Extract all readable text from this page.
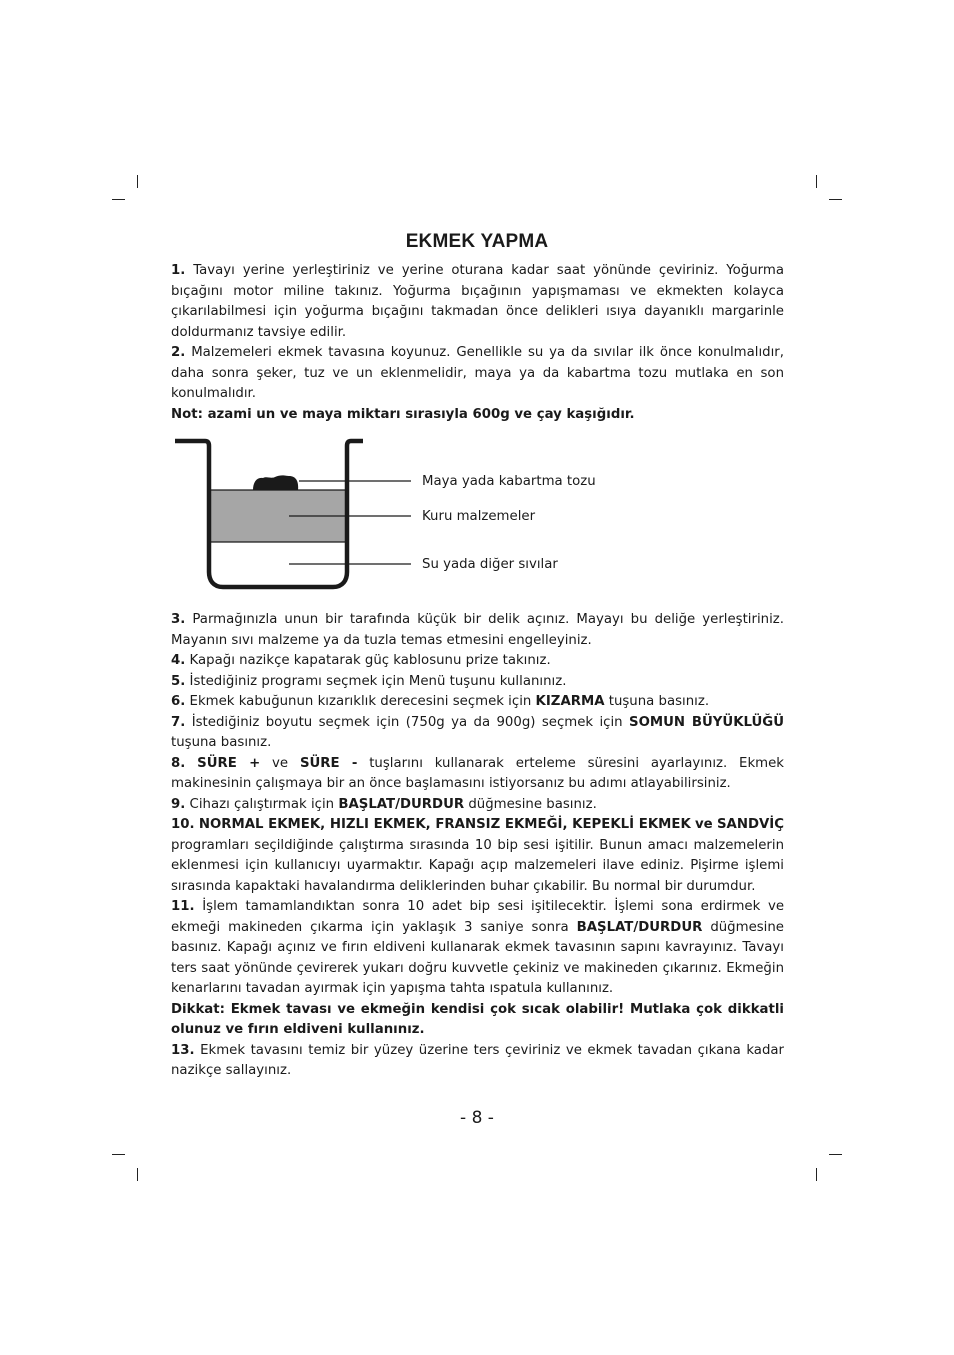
EKMEK YAPMA

1. Tavayı yerine yerleştiriniz ve yerine oturana kadar saat yönünde çeviriniz. Yoğurma bıçağını motor miline takınız. Yoğurma bıçağının yapışmaması ve ekmekten kolayca çıkarılabilmesi için yoğurma bıçağını takmadan önce delikleri ısıya dayanıklı margarinle doldurmanız tavsiye edilir.

2. Malzemeleri ekmek tavasına koyunuz. Genellikle su ya da sıvılar ilk önce konulmalıdır, daha sonra şeker, tuz ve un eklenmelidir, maya ya da kabartma tozu mutlaka en son konulmalıdır.

Not: azami un ve maya miktarı sırasıyla 600g ve çay kaşığıdır.

Maya yada kabartma tozu
Kuru malzemeler
Su yada diğer sıvılar

3. Parmağınızla unun bir tarafında küçük bir delik açınız. Mayayı bu deliğe yerleştiriniz. Mayanın sıvı malzeme ya da tuzla temas etmesini engelleyiniz.

4. Kapağı nazikçe kapatarak güç kablosunu prize takınız.

5. İstediğiniz programı seçmek için Menü tuşunu kullanınız.

6. Ekmek kabuğunun kızarıklık derecesini seçmek için KIZARMA tuşuna basınız.

7. İstediğiniz boyutu seçmek için (750g ya da 900g) seçmek için SOMUN BÜYÜKLÜĞÜ tuşuna basınız.

8. SÜRE + ve SÜRE - tuşlarını kullanarak erteleme süresini ayarlayınız. Ekmek makinesinin çalışmaya bir an önce başlamasını istiyorsanız bu adımı atlayabilirsiniz.

9. Cihazı çalıştırmak için BAŞLAT/DURDUR düğmesine basınız.

10. NORMAL EKMEK, HIZLI EKMEK, FRANSIZ EKMEĞİ, KEPEKLİ EKMEK ve SANDVİÇ programları seçildiğinde çalıştırma sırasında 10 bip sesi işitilir. Bunun amacı malzemelerin eklenmesi için kullanıcıyı uyarmaktır. Kapağı açıp malzemeleri ilave ediniz. Pişirme işlemi sırasında kapaktaki havalandırma deliklerinden buhar çıkabilir. Bu normal bir durumdur.

11. İşlem tamamlandıktan sonra 10 adet bip sesi işitilecektir. İşlemi sona erdirmek ve ekmeği makineden çıkarma için yaklaşık 3 saniye sonra BAŞLAT/DURDUR düğmesine basınız. Kapağı açınız ve fırın eldiveni kullanarak ekmek tavasının sapını kavrayınız. Tavayı ters saat yönünde çevirerek yukarı doğru kuvvetle çekiniz ve makineden çıkarınız. Ekmeğin kenarlarını tavadan ayırmak için yapışma tahta ıspatula kullanınız.

Dikkat: Ekmek tavası ve ekmeğin kendisi çok sıcak olabilir! Mutlaka çok dikkatli olunuz ve fırın eldiveni kullanınız.

13. Ekmek tavasını temiz bir yüzey üzerine ters çeviriniz ve ekmek tavadan çıkana kadar nazikçe sallayınız.

- 8 -
